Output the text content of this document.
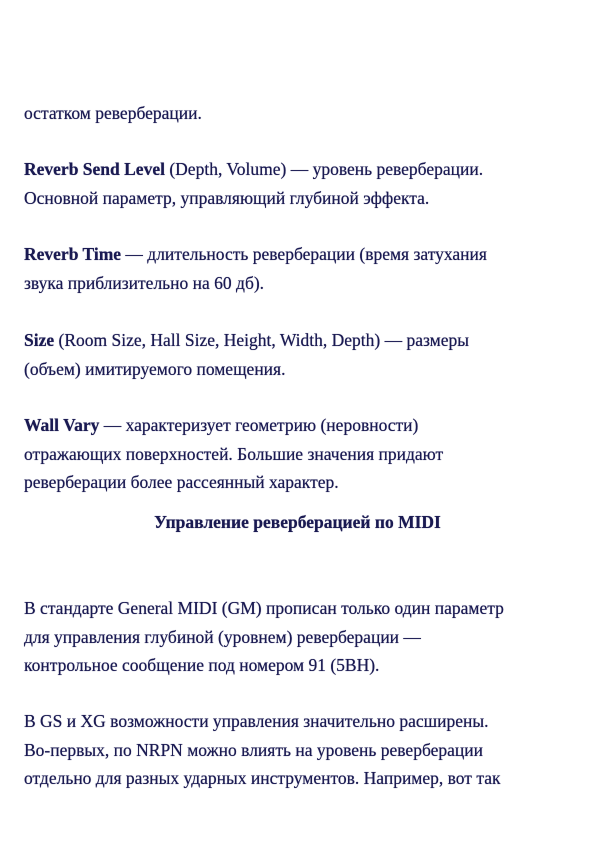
остатком реверберации.
Reverb Send Level (Depth, Volume) — уровень реверберации.
Основной параметр, управляющий глубиной эффекта.
Reverb Time — длительность реверберации (время затухания
звука приблизительно на 60 дб).
Size (Room Size, Hall Size, Height, Width, Depth) — размеры
(объем) имитируемого помещения.
Wall Vary — характеризует геометрию (неровности)
отражающих поверхностей. Большие значения придают
реверберации более рассеянный характер.
Управление реверберацией по MIDI
В стандарте General MIDI (GM) прописан только один параметр
для управления глубиной (уровнем) реверберации —
контрольное сообщение под номером 91 (5BH).
В GS и XG возможности управления значительно расширены.
Во-первых, по NRPN можно влиять на уровень реверберации
отдельно для разных ударных инструментов. Например, вот так
